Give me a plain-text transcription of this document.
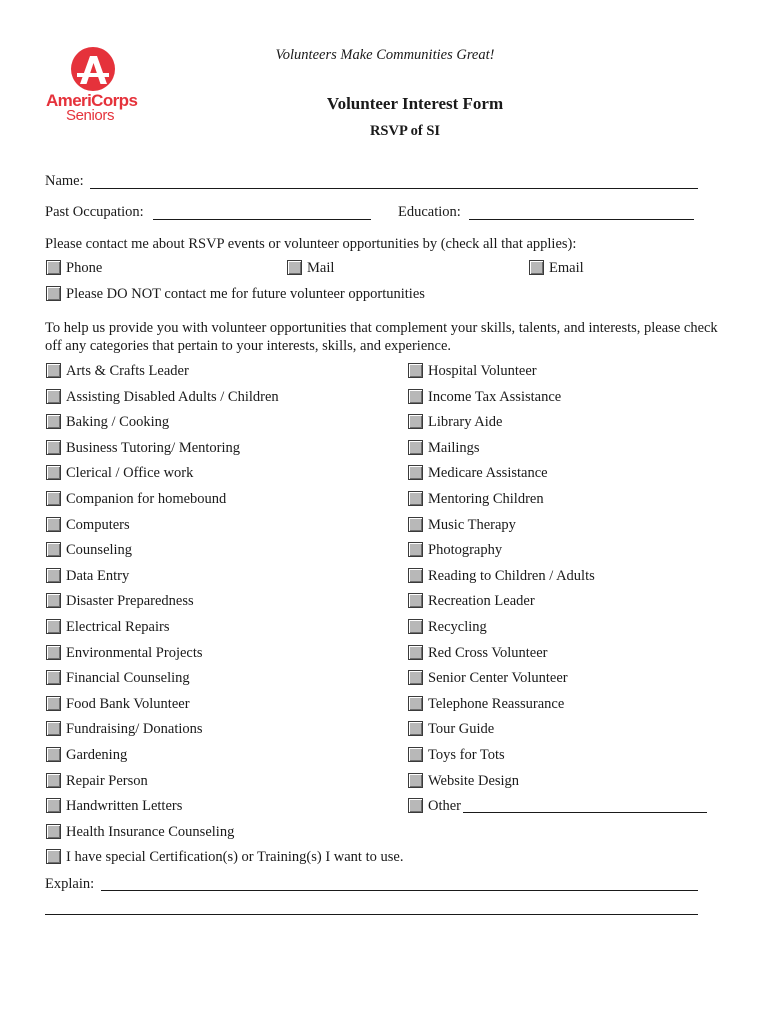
AmeriCorps
Seniors
Volunteers Make Communities Great!
Volunteer Interest Form
RSVP of SI
Name:
Past Occupation:	Education:
Please contact me about RSVP events or volunteer opportunities by (check all that applies):
Phone	Mail	Email
Please DO NOT contact me for future volunteer opportunities
To help us provide you with volunteer opportunities that complement your skills, talents, and interests, please check off any categories that pertain to your interests, skills, and experience.
Arts & Crafts Leader
Assisting Disabled Adults / Children
Baking / Cooking
Business Tutoring/ Mentoring
Clerical / Office work
Companion for homebound
Computers
Counseling
Data Entry
Disaster Preparedness
Electrical Repairs
Environmental Projects
Financial Counseling
Food Bank Volunteer
Fundraising/ Donations
Gardening
Repair Person
Handwritten Letters
Health Insurance Counseling
Hospital Volunteer
Income Tax Assistance
Library Aide
Mailings
Medicare Assistance
Mentoring Children
Music Therapy
Photography
Reading to Children / Adults
Recreation Leader
Recycling
Red Cross Volunteer
Senior Center Volunteer
Telephone Reassurance
Tour Guide
Toys for Tots
Website Design
Other
I have special Certification(s) or Training(s) I want to use.
Explain:
